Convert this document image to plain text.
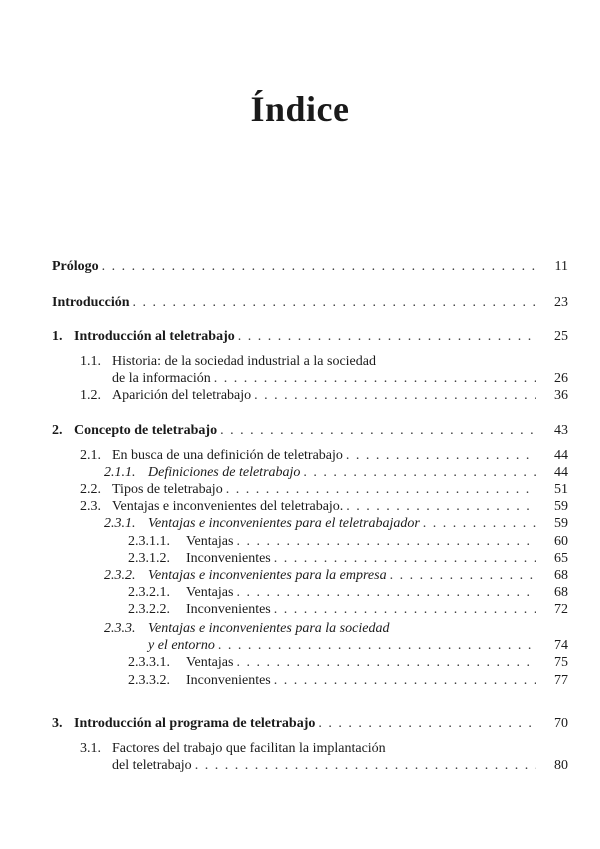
Índice
Prólogo . . .	11
Introducción . . .	23
1. Introducción al teletrabajo . . .	25
1.1. Historia: de la sociedad industrial a la sociedad
de la información . . .	26
1.2. Aparición del teletrabajo . . .	36
2. Concepto de teletrabajo . . .	43
2.1. En busca de una definición de teletrabajo . . .	44
2.1.1. Definiciones de teletrabajo . . .	44
2.2. Tipos de teletrabajo . . .	51
2.3. Ventajas e inconvenientes del teletrabajo. . . .	59
2.3.1. Ventajas e inconvenientes para el teletrabajador . . .	59
2.3.1.1.	Ventajas . . .	60
2.3.1.2.	Inconvenientes . . .	65
2.3.2. Ventajas e inconvenientes para la empresa . . .	68
2.3.2.1.	Ventajas . . .	68
2.3.2.2.	Inconvenientes . . .	72
2.3.3. Ventajas e inconvenientes para la sociedad
y el entorno . . .	74
2.3.3.1.	Ventajas . . .	75
2.3.3.2.	Inconvenientes . . .	77
3. Introducción al programa de teletrabajo . . .	70
3.1. Factores del trabajo que facilitan la implantación
del teletrabajo . . .	80
